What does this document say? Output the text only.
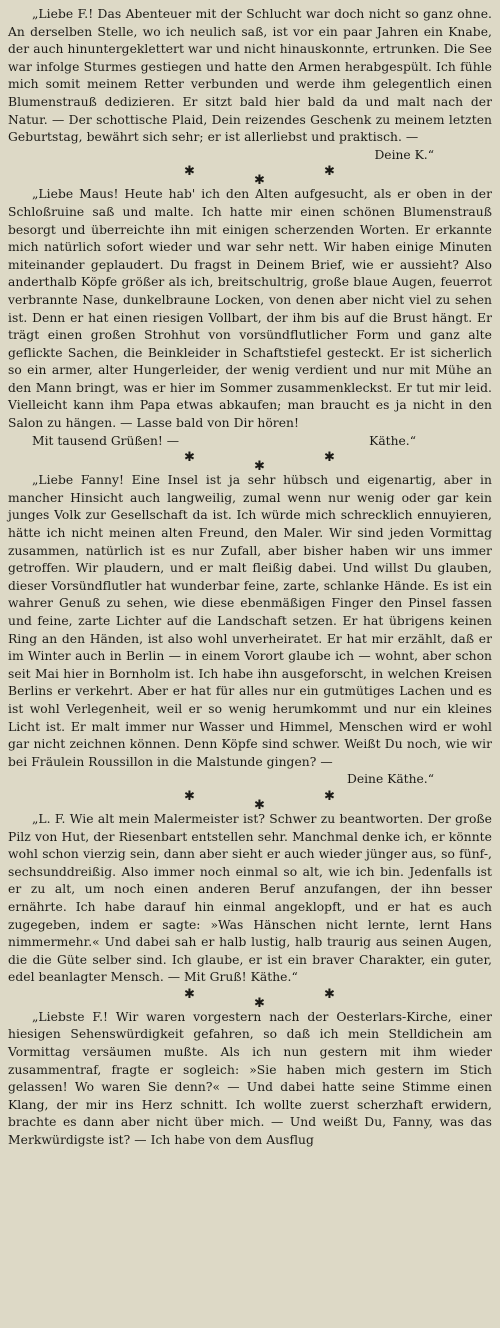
„Liebe F.! Das Abenteuer mit der Schlucht war doch nicht so ganz ohne. An derselben Stelle, wo ich neulich saß, ist vor ein paar Jahren ein Knabe, der auch hinuntergeklettert war und nicht hinauskonnte, ertrunken. Die See war infolge Sturmes gestiegen und hatte den Armen herabgespült. Ich fühle mich somit meinem Retter verbunden und werde ihm gelegentlich einen Blumenstrauß dedizieren. Er sitzt bald hier bald da und malt nach der Natur. — Der schottische Plaid, Dein reizendes Geschenk zu meinem letzten Geburtstag, bewährt sich sehr; er ist allerliebst und praktisch. —

Deine K.“
✱
✱
✱

„Liebe Maus! Heute hab' ich den Alten aufgesucht, als er oben in der Schloßruine saß und malte. Ich hatte mir einen schönen Blumenstrauß besorgt und überreichte ihn mit einigen scherzenden Worten. Er erkannte mich natürlich sofort wieder und war sehr nett. Wir haben einige Minuten miteinander geplaudert. Du fragst in Deinem Brief, wie er aussieht? Also anderthalb Köpfe größer als ich, breitschultrig, große blaue Augen, feuerrot verbrannte Nase, dunkelbraune Locken, von denen aber nicht viel zu sehen ist. Denn er hat einen riesigen Vollbart, der ihm bis auf die Brust hängt. Er trägt einen großen Strohhut von vorsündflutlicher Form und ganz alte geflickte Sachen, die Beinkleider in Schaftstiefel gesteckt. Er ist sicherlich so ein armer, alter Hungerleider, der wenig verdient und nur mit Mühe an den Mann bringt, was er hier im Sommer zusammenkleckst. Er tut mir leid. Vielleicht kann ihm Papa etwas abkaufen; man braucht es ja nicht in den Salon zu hängen. — Lasse bald von Dir hören!

Mit tausend Grüßen! —	Käthe.“
✱
✱
✱

„Liebe Fanny! Eine Insel ist ja sehr hübsch und eigenartig, aber in mancher Hinsicht auch langweilig, zumal wenn nur wenig oder gar kein junges Volk zur Gesellschaft da ist. Ich würde mich schrecklich ennuyieren, hätte ich nicht meinen alten Freund, den Maler. Wir sind jeden Vormittag zusammen, natürlich ist es nur Zufall, aber bisher haben wir uns immer getroffen. Wir plaudern, und er malt fleißig dabei. Und willst Du glauben, dieser Vorsündflutler hat wunderbar feine, zarte, schlanke Hände. Es ist ein wahrer Genuß zu sehen, wie diese ebenmäßigen Finger den Pinsel fassen und feine, zarte Lichter auf die Landschaft setzen. Er hat übrigens keinen Ring an den Händen, ist also wohl unverheiratet. Er hat mir erzählt, daß er im Winter auch in Berlin — in einem Vorort glaube ich — wohnt, aber schon seit Mai hier in Bornholm ist. Ich habe ihn ausgeforscht, in welchen Kreisen Berlins er verkehrt. Aber er hat für alles nur ein gutmütiges Lachen und es ist wohl Verlegenheit, weil er so wenig herumkommt und nur ein kleines Licht ist. Er malt immer nur Wasser und Himmel, Menschen wird er wohl gar nicht zeichnen können. Denn Köpfe sind schwer. Weißt Du noch, wie wir bei Fräulein Roussillon in die Malstunde gingen? —

Deine Käthe.“
✱
✱
✱

„L. F. Wie alt mein Malermeister ist? Schwer zu beantworten. Der große Pilz von Hut, der Riesenbart entstellen sehr. Manchmal denke ich, er könnte wohl schon vierzig sein, dann aber sieht er auch wieder jünger aus, so fünf-, sechsunddreißig. Also immer noch einmal so alt, wie ich bin. Jedenfalls ist er zu alt, um noch einen anderen Beruf anzufangen, der ihn besser ernährte. Ich habe darauf hin einmal angeklopft, und er hat es auch zugegeben, indem er sagte: »Was Hänschen nicht lernte, lernt Hans nimmermehr.« Und dabei sah er halb lustig, halb traurig aus seinen Augen, die die Güte selber sind. Ich glaube, er ist ein braver Charakter, ein guter, edel beanlagter Mensch. — Mit Gruß! Käthe.“

✱
✱
✱

„Liebste F.! Wir waren vorgestern nach der Oesterlars-Kirche, einer hiesigen Sehenswürdigkeit gefahren, so daß ich mein Stelldichein am Vormittag versäumen mußte. Als ich nun gestern mit ihm wieder zusammentraf, fragte er sogleich: »Sie haben mich gestern im Stich gelassen! Wo waren Sie denn?« — Und dabei hatte seine Stimme einen Klang, der mir ins Herz schnitt. Ich wollte zuerst scherzhaft erwidern, brachte es dann aber nicht über mich. — Und weißt Du, Fanny, was das Merkwürdigste ist? — Ich habe von dem Ausflug
